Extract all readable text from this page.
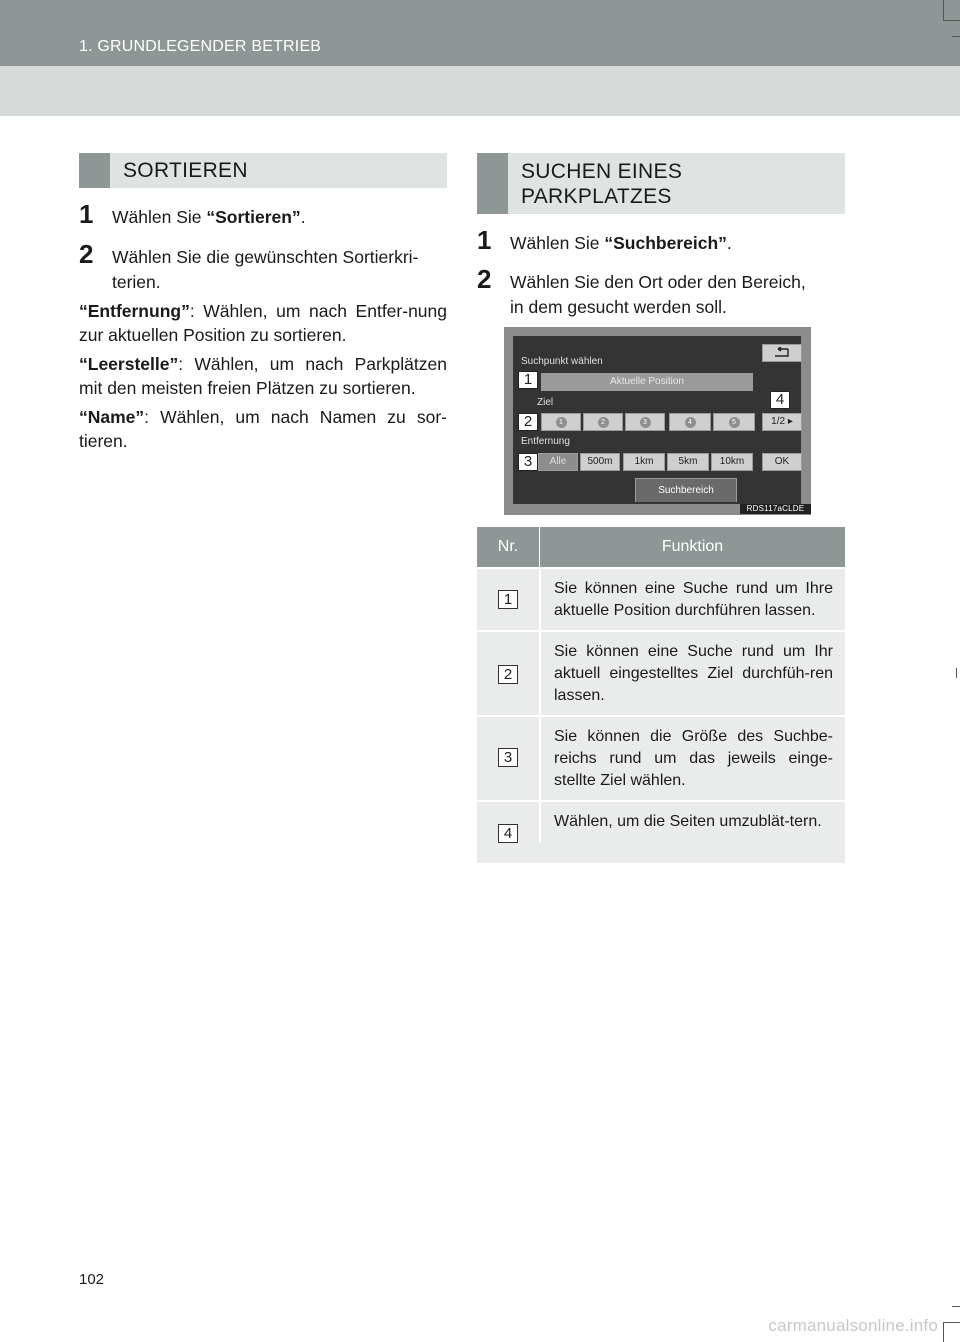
1. GRUNDLEGENDER BETRIEB
SORTIEREN
1 Wählen Sie “Sortieren”.
2 Wählen Sie die gewünschten Sortierkri-
terien.
“Entfernung”: Wählen, um nach Entfer-nung zur aktuellen Position zu sortieren.
“Leerstelle”: Wählen, um nach Parkplätzen mit den meisten freien Plätzen zu sortieren.
“Name”: Wählen, um nach Namen zu sor-tieren.
SUCHEN EINES
PARKPLATZES
1 Wählen Sie “Suchbereich”.
2 Wählen Sie den Ort oder den Bereich,
in dem gesucht werden soll.
Suchpunkt wählen
Aktuelle Position
Ziel
1	2	3	4	5	1/2 ▸
Entfernung
Alle	500m	1km	5km	10km	OK
Suchbereich
1
2
3
4
RDS117aCLDE
Nr.	Funktion
1
Sie können eine Suche rund um Ihre aktuelle Position durchführen lassen.
2
Sie können eine Suche rund um Ihr aktuell eingestelltes Ziel durchfüh-ren lassen.
3
Sie können die Größe des Suchbe-reichs rund um das jeweils einge-stellte Ziel wählen.
4
Wählen, um die Seiten umzublät-tern.
102
carmanualsonline.info
